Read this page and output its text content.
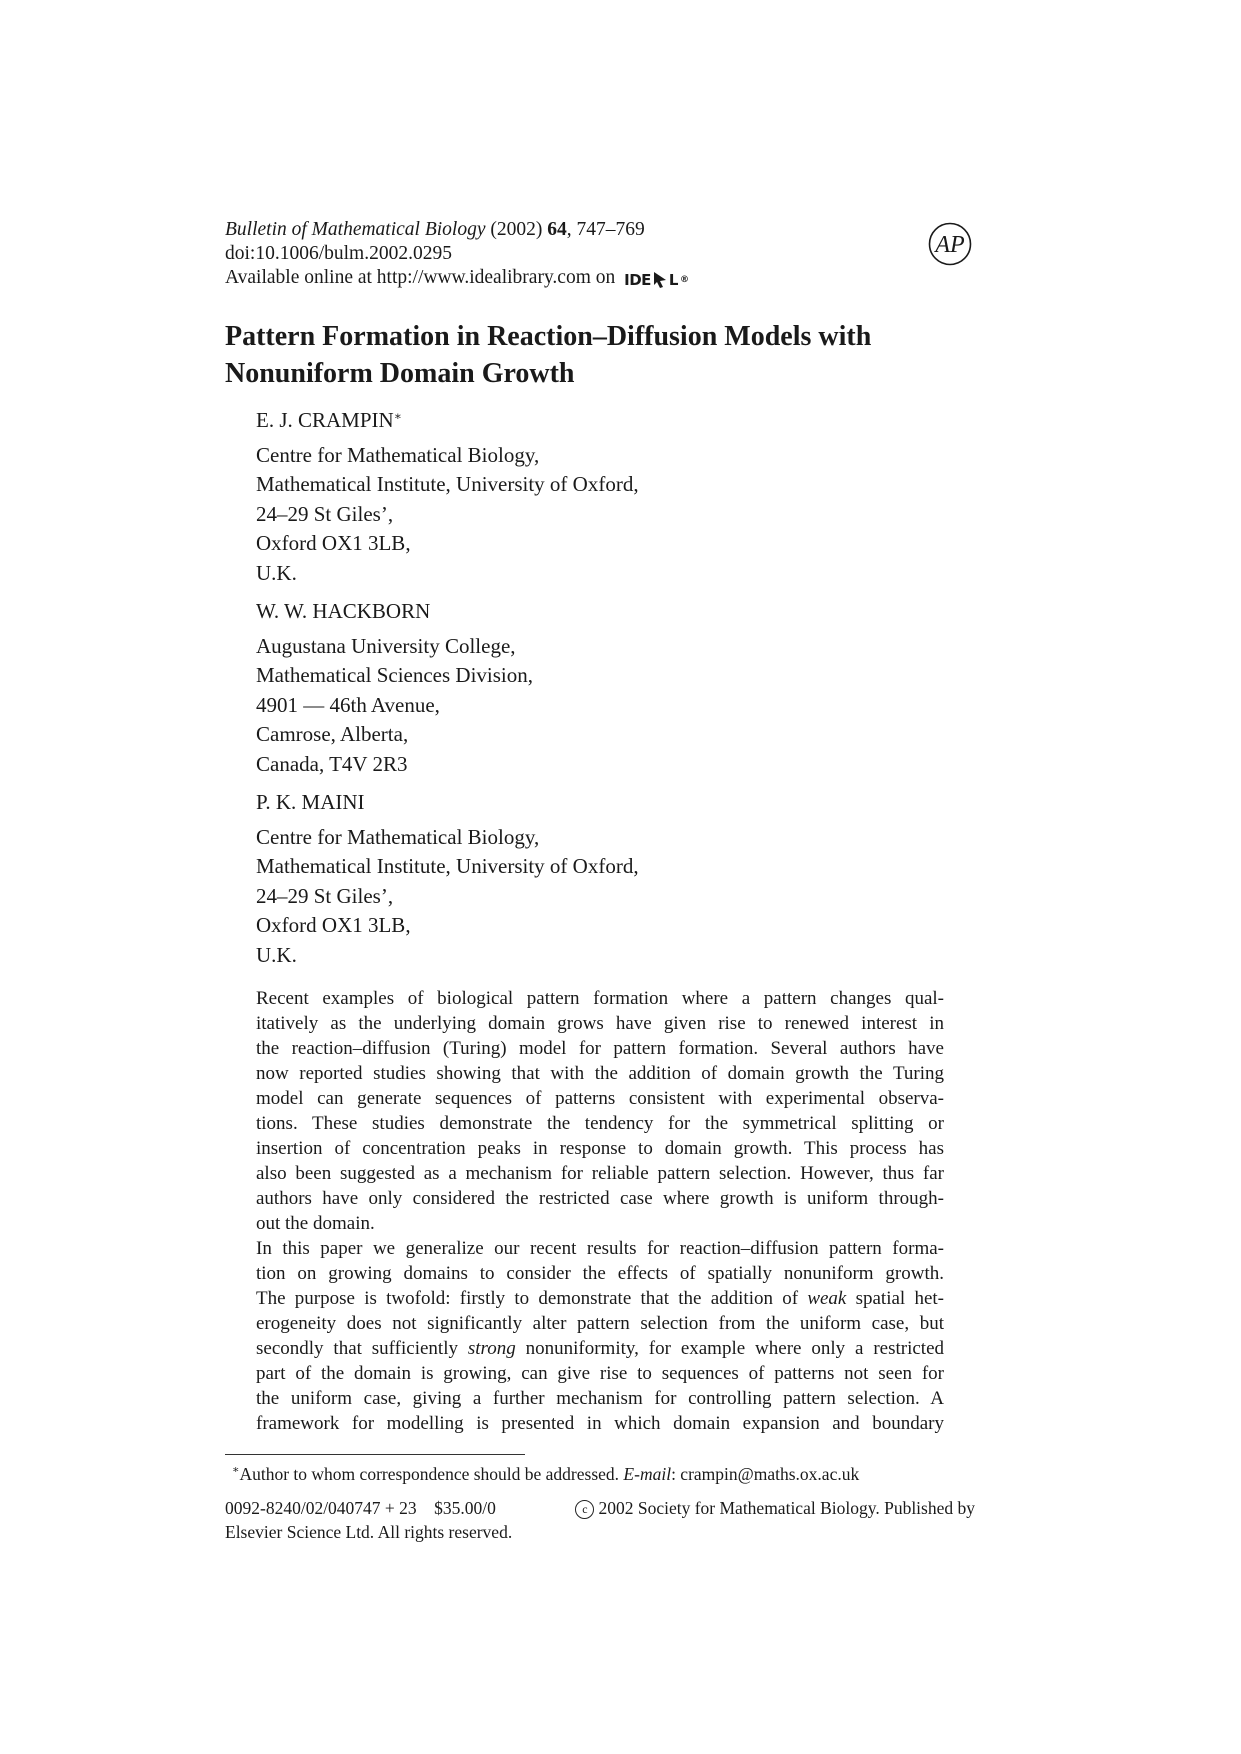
Bulletin of Mathematical Biology (2002) 64, 747–769
doi:10.1006/bulm.2002.0295
Available online at http://www.idealibrary.com on IDE L ®
AP
Pattern Formation in Reaction–Diffusion Models with
Nonuniform Domain Growth

E. J. CRAMPIN∗

Centre for Mathematical Biology,

Mathematical Institute, University of Oxford,

24–29 St Giles’,

Oxford OX1 3LB,

U.K.

W. W. HACKBORN

Augustana University College,

Mathematical Sciences Division,

4901 — 46th Avenue,

Camrose, Alberta,

Canada, T4V 2R3

P. K. MAINI

Centre for Mathematical Biology,

Mathematical Institute, University of Oxford,

24–29 St Giles’,

Oxford OX1 3LB,

U.K.

Recent examples of biological pattern formation where a pattern changes qual-
itatively as the underlying domain grows have given rise to renewed interest in
the reaction–diffusion (Turing) model for pattern formation. Several authors have
now reported studies showing that with the addition of domain growth the Turing
model can generate sequences of patterns consistent with experimental observa-
tions. These studies demonstrate the tendency for the symmetrical splitting or
insertion of concentration peaks in response to domain growth. This process has
also been suggested as a mechanism for reliable pattern selection. However, thus far
authors have only considered the restricted case where growth is uniform through-
out the domain.
In this paper we generalize our recent results for reaction–diffusion pattern forma-
tion on growing domains to consider the effects of spatially nonuniform growth.
The purpose is twofold: firstly to demonstrate that the addition of weak spatial het-
erogeneity does not significantly alter pattern selection from the uniform case, but
secondly that sufficiently strong nonuniformity, for example where only a restricted
part of the domain is growing, can give rise to sequences of patterns not seen for
the uniform case, giving a further mechanism for controlling pattern selection. A
framework for modelling is presented in which domain expansion and boundary
∗Author to whom correspondence should be addressed. E-mail: crampin@maths.ox.ac.uk
0092-8240/02/040747 + 23    $35.00/0	c 2002 Society for Mathematical Biology. Published by
Elsevier Science Ltd. All rights reserved.
